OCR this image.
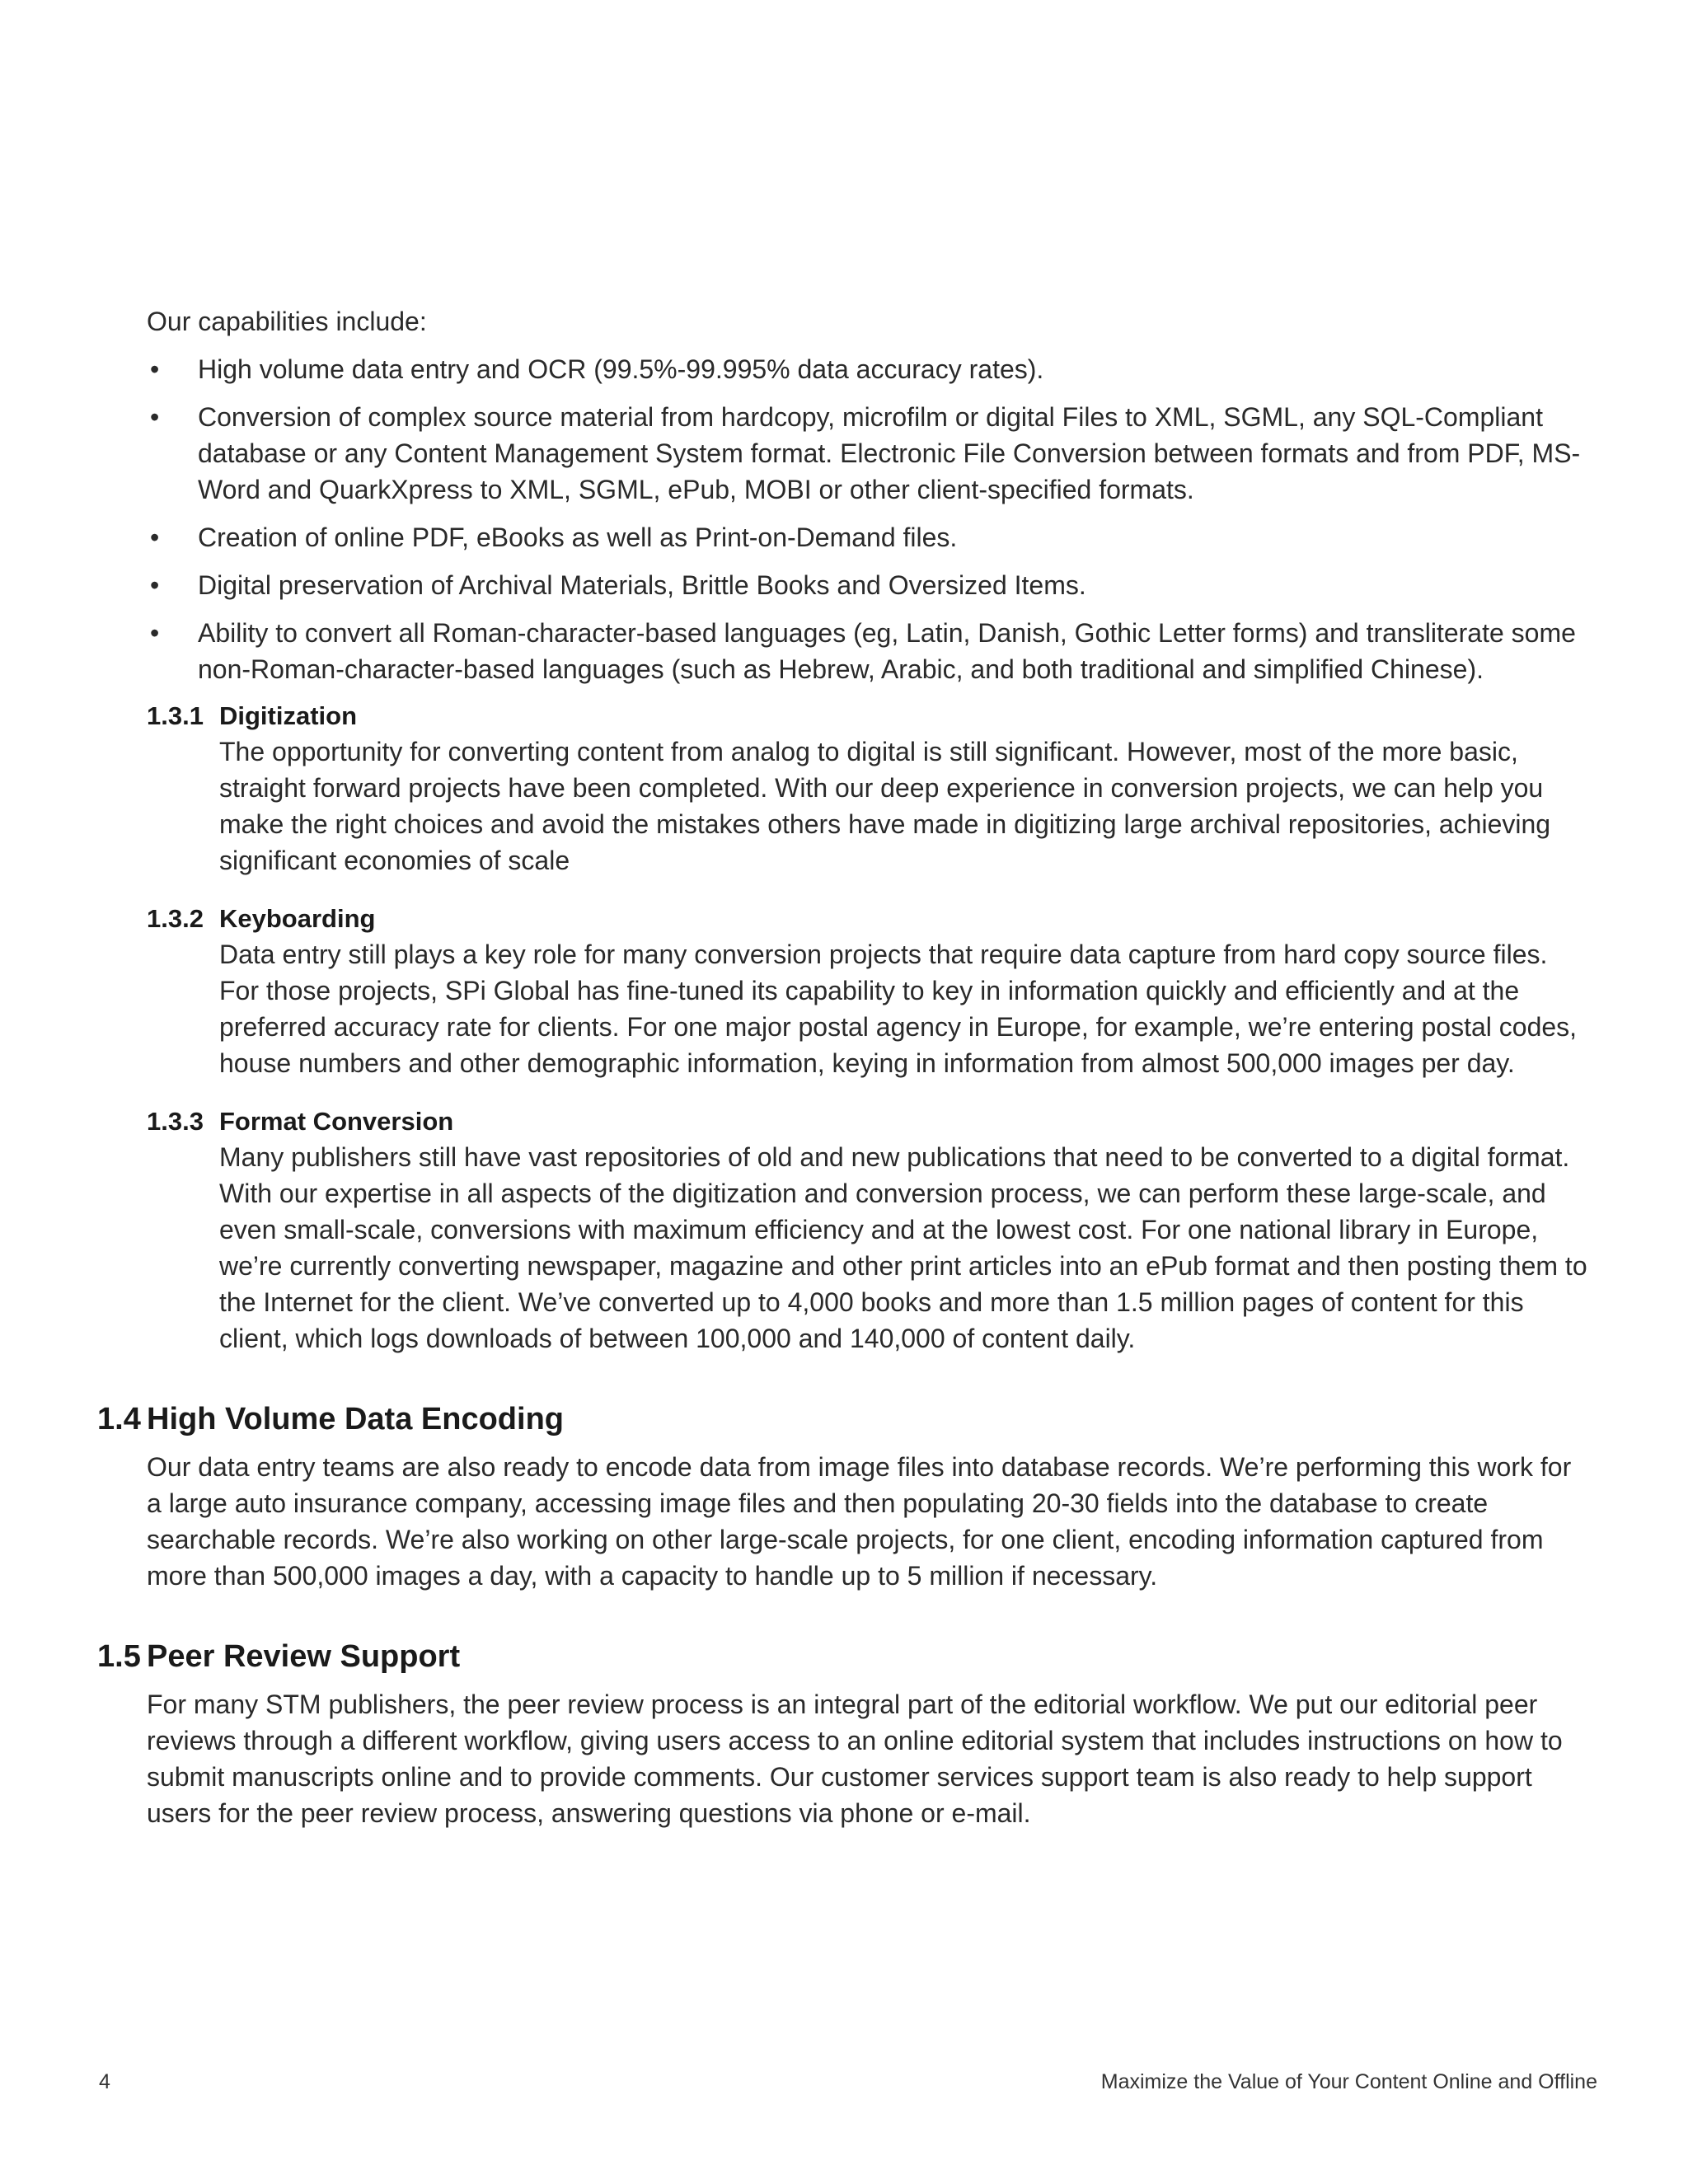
Our capabilities include:

• High volume data entry and OCR (99.5%-99.995% data accuracy rates).
• Conversion of complex source material from hardcopy, microfilm or digital Files to XML, SGML, any SQL-Compliant database or any Content Management System format. Electronic File Conversion between formats and from PDF, MS-Word and QuarkXpress to XML, SGML, ePub, MOBI or other client-specified formats.
• Creation of online PDF, eBooks as well as Print-on-Demand files.
• Digital preservation of Archival Materials, Brittle Books and Oversized Items.
• Ability to convert all Roman-character-based languages (eg, Latin, Danish, Gothic Letter forms) and transliterate some non-Roman-character-based languages (such as Hebrew, Arabic, and both traditional and simplified Chinese).
1.3.1 Digitization

The opportunity for converting content from analog to digital is still significant. However, most of the more basic, straight forward projects have been completed. With our deep experience in conversion projects, we can help you make the right choices and avoid the mistakes others have made in digitizing large archival repositories, achieving significant economies of scale

1.3.2 Keyboarding

Data entry still plays a key role for many conversion projects that require data capture from hard copy source files. For those projects, SPi Global has fine-tuned its capability to key in information quickly and efficiently and at the preferred accuracy rate for clients. For one major postal agency in Europe, for example, we’re entering postal codes, house numbers and other demographic information, keying in information from almost 500,000 images per day.

1.3.3 Format Conversion

Many publishers still have vast repositories of old and new publications that need to be converted to a digital format. With our expertise in all aspects of the digitization and conversion process, we can perform these large-scale, and even small-scale, conversions with maximum efficiency and at the lowest cost. For one national library in Europe, we’re currently converting newspaper, magazine and other print articles into an ePub format and then posting them to the Internet for the client. We’ve converted up to 4,000 books and more than 1.5 million pages of content for this client, which logs downloads of between 100,000 and 140,000 of content daily.

1.4 High Volume Data Encoding

Our data entry teams are also ready to encode data from image files into database records. We’re performing this work for a large auto insurance company, accessing image files and then populating 20-30 fields into the database to create searchable records. We’re also working on other large-scale projects, for one client, encoding information captured from more than 500,000 images a day, with a capacity to handle up to 5 million if necessary.

1.5 Peer Review Support

For many STM publishers, the peer review process is an integral part of the editorial workflow. We put our editorial peer reviews through a different workflow, giving users access to an online editorial system that includes instructions on how to submit manuscripts online and to provide comments. Our customer services support team is also ready to help support users for the peer review process, answering questions via phone or e-mail.

4	Maximize the Value of Your Content Online and Offline
